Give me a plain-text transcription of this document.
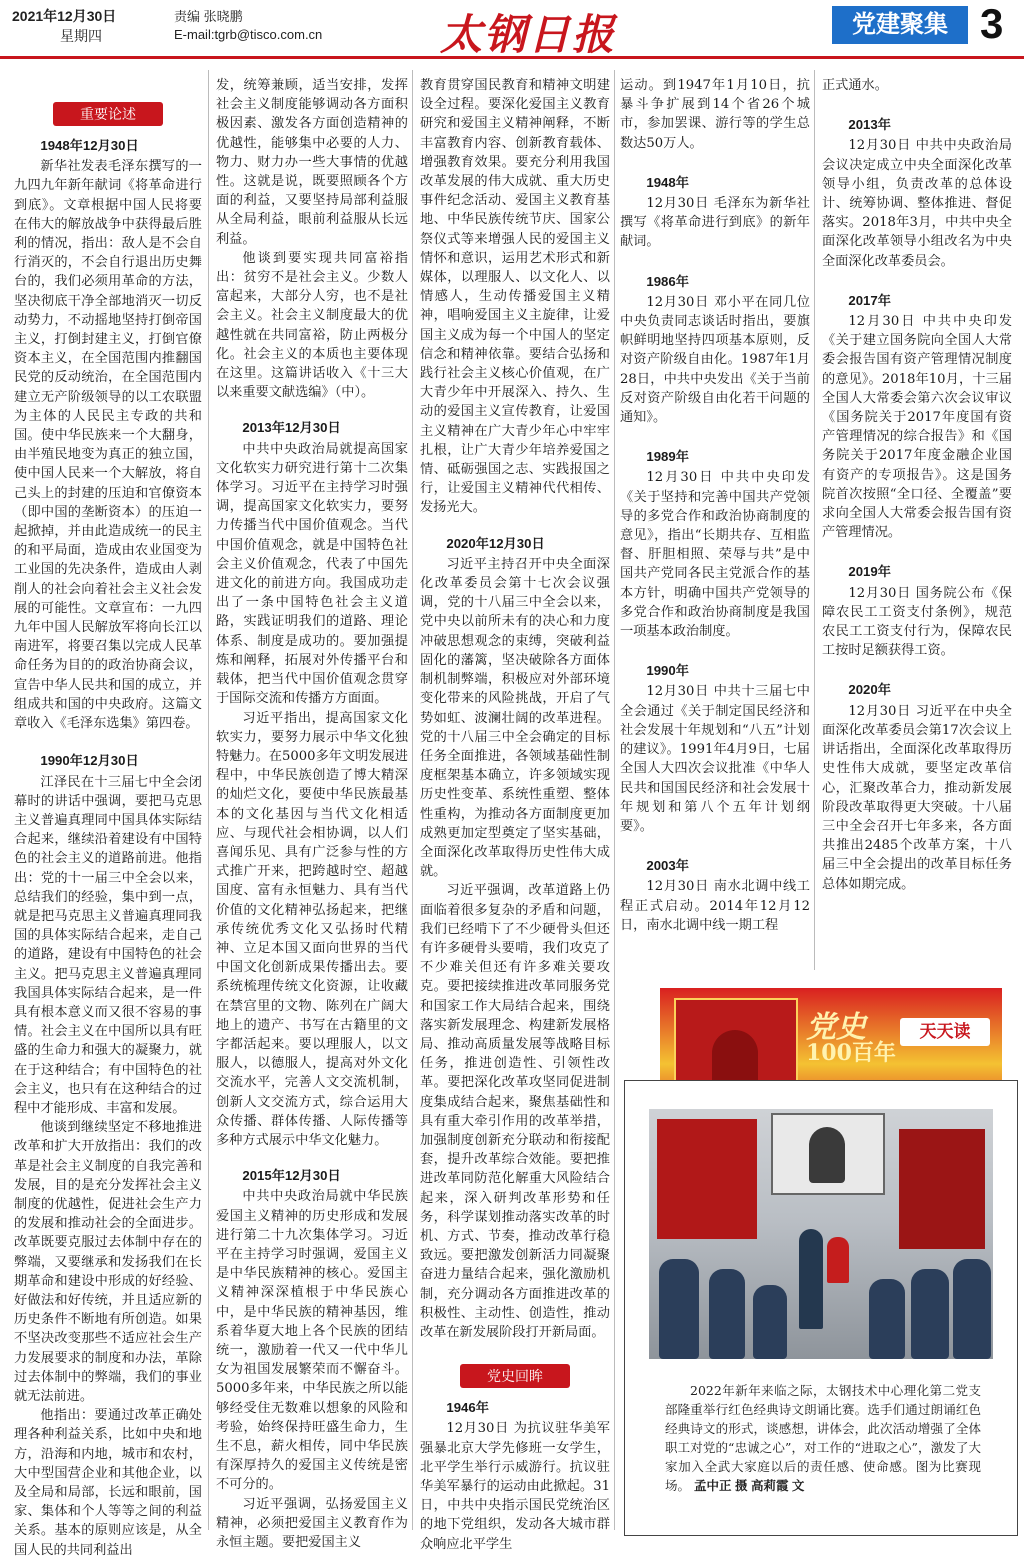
2021年12月30日
星期四
责编 张晓鹏
E-mail:tgrb@tisco.com.cn	太钢日报	党建聚集 3
重要论述
1948年12月30日

新华社发表毛泽东撰写的一九四九年新年献词《将革命进行到底》。文章根据中国人民将要在伟大的解放战争中获得最后胜利的情况，指出：敌人是不会自行消灭的，不会自行退出历史舞台的，我们必须用革命的方法，坚决彻底干净全部地消灭一切反动势力，不动摇地坚持打倒帝国主义，打倒封建主义，打倒官僚资本主义，在全国范围内推翻国民党的反动统治，在全国范围内建立无产阶级领导的以工农联盟为主体的人民民主专政的共和国。使中华民族来一个大翻身，由半殖民地变为真正的独立国，使中国人民来一个大解放，将自己头上的封建的压迫和官僚资本（即中国的垄断资本）的压迫一起掀掉，并由此造成统一的民主的和平局面，造成由农业国变为工业国的先决条件，造成由人剥削人的社会向着社会主义社会发展的可能性。文章宣布：一九四九年中国人民解放军将向长江以南进军，将要召集以完成人民革命任务为目的的政治协商会议，宣告中华人民共和国的成立，并组成共和国的中央政府。这篇文章收入《毛泽东选集》第四卷。

1990年12月30日

江泽民在十三届七中全会闭幕时的讲话中强调，要把马克思主义普遍真理同中国具体实际结合起来，继续沿着建设有中国特色的社会主义的道路前进。他指出：党的十一届三中全会以来，总结我们的经验，集中到一点，就是把马克思主义普遍真理同我国的具体实际结合起来，走自己的道路，建设有中国特色的社会主义。把马克思主义普遍真理同我国具体实际结合起来，是一件具有根本意义而又很不容易的事情。社会主义在中国所以具有旺盛的生命力和强大的凝聚力，就在于这种结合；有中国特色的社会主义，也只有在这种结合的过程中才能形成、丰富和发展。

他谈到继续坚定不移地推进改革和扩大开放指出：我们的改革是社会主义制度的自我完善和发展，目的是充分发挥社会主义制度的优越性，促进社会生产力的发展和推动社会的全面进步。改革既要克服过去体制中存在的弊端，又要继承和发扬我们在长期革命和建设中形成的好经验、好做法和好传统，并且适应新的历史条件不断地有所创造。如果不坚决改变那些不适应社会生产力发展要求的制度和办法，革除过去体制中的弊端，我们的事业就无法前进。

他指出：要通过改革正确处理各种利益关系，比如中央和地方，沿海和内地，城市和农村，大中型国营企业和其他企业，以及全局和局部，长远和眼前，国家、集体和个人等等之间的利益关系。基本的原则应该是，从全国人民的共同利益出

发，统筹兼顾，适当安排，发挥社会主义制度能够调动各方面积极因素、激发各方面创造精神的优越性，能够集中必要的人力、物力、财力办一些大事情的优越性。这就是说，既要照顾各个方面的利益，又要坚持局部利益服从全局利益，眼前利益服从长远利益。

他谈到要实现共同富裕指出：贫穷不是社会主义。少数人富起来，大部分人穷，也不是社会主义。社会主义制度最大的优越性就在共同富裕，防止两极分化。社会主义的本质也主要体现在这里。这篇讲话收入《十三大以来重要文献选编》（中）。

2013年12月30日

中共中央政治局就提高国家文化软实力研究进行第十二次集体学习。习近平在主持学习时强调，提高国家文化软实力，要努力传播当代中国价值观念。当代中国价值观念，就是中国特色社会主义价值观念，代表了中国先进文化的前进方向。我国成功走出了一条中国特色社会主义道路，实践证明我们的道路、理论体系、制度是成功的。要加强提炼和阐释，拓展对外传播平台和载体，把当代中国价值观念贯穿于国际交流和传播方方面面。

习近平指出，提高国家文化软实力，要努力展示中华文化独特魅力。在5000多年文明发展进程中，中华民族创造了博大精深的灿烂文化，要使中华民族最基本的文化基因与当代文化相适应、与现代社会相协调，以人们喜闻乐见、具有广泛参与性的方式推广开来，把跨越时空、超越国度、富有永恒魅力、具有当代价值的文化精神弘扬起来，把继承传统优秀文化又弘扬时代精神、立足本国又面向世界的当代中国文化创新成果传播出去。要系统梳理传统文化资源，让收藏在禁宫里的文物、陈列在广阔大地上的遗产、书写在古籍里的文字都活起来。要以理服人，以文服人，以德服人，提高对外文化交流水平，完善人文交流机制，创新人文交流方式，综合运用大众传播、群体传播、人际传播等多种方式展示中华文化魅力。

2015年12月30日

中共中央政治局就中华民族爱国主义精神的历史形成和发展进行第二十九次集体学习。习近平在主持学习时强调，爱国主义是中华民族精神的核心。爱国主义精神深深植根于中华民族心中，是中华民族的精神基因，维系着华夏大地上各个民族的团结统一，激励着一代又一代中华儿女为祖国发展繁荣而不懈奋斗。5000多年来，中华民族之所以能够经受住无数难以想象的风险和考验，始终保持旺盛生命力，生生不息，薪火相传，同中华民族有深厚持久的爱国主义传统是密不可分的。

习近平强调，弘扬爱国主义精神，必须把爱国主义教育作为永恒主题。要把爱国主义

教育贯穿国民教育和精神文明建设全过程。要深化爱国主义教育研究和爱国主义精神阐释，不断丰富教育内容、创新教育载体、增强教育效果。要充分利用我国改革发展的伟大成就、重大历史事件纪念活动、爱国主义教育基地、中华民族传统节庆、国家公祭仪式等来增强人民的爱国主义情怀和意识，运用艺术形式和新媒体，以理服人、以文化人、以情感人，生动传播爱国主义精神，唱响爱国主义主旋律，让爱国主义成为每一个中国人的坚定信念和精神依靠。要结合弘扬和践行社会主义核心价值观，在广大青少年中开展深入、持久、生动的爱国主义宣传教育，让爱国主义精神在广大青少年心中牢牢扎根，让广大青少年培养爱国之情、砥砺强国之志、实践报国之行，让爱国主义精神代代相传、发扬光大。

2020年12月30日

习近平主持召开中央全面深化改革委员会第十七次会议强调，党的十八届三中全会以来，党中央以前所未有的决心和力度冲破思想观念的束缚，突破利益固化的藩篱，坚决破除各方面体制机制弊端，积极应对外部环境变化带来的风险挑战，开启了气势如虹、波澜壮阔的改革进程。党的十八届三中全会确定的目标任务全面推进，各领域基础性制度框架基本确立，许多领域实现历史性变革、系统性重塑、整体性重构，为推动各方面制度更加成熟更加定型奠定了坚实基础，全面深化改革取得历史性伟大成就。

习近平强调，改革道路上仍面临着很多复杂的矛盾和问题，我们已经啃下了不少硬骨头但还有许多硬骨头要啃，我们攻克了不少难关但还有许多难关要攻克。要把接续推进改革同服务党和国家工作大局结合起来，围绕落实新发展理念、构建新发展格局、推动高质量发展等战略目标任务，推进创造性、引领性改革。要把深化改革攻坚同促进制度集成结合起来，聚焦基础性和具有重大牵引作用的改革举措，加强制度创新充分联动和衔接配套，提升改革综合效能。要把推进改革同防范化解重大风险结合起来，深入研判改革形势和任务，科学谋划推动落实改革的时机、方式、节奏，推动改革行稳致远。要把激发创新活力同凝聚奋进力量结合起来，强化激励机制，充分调动各方面推进改革的积极性、主动性、创造性，推动改革在新发展阶段打开新局面。

党史回眸
1946年

12月30日 为抗议驻华美军强暴北京大学先修班一女学生，北平学生举行示威游行。抗议驻华美军暴行的运动由此掀起。31日，中共中央指示国民党统治区的地下党组织，发动各大城市群众响应北平学生

运动。到1947年1月10日，抗暴斗争扩展到14个省26个城市，参加罢课、游行等的学生总数达50万人。

1948年

12月30日 毛泽东为新华社撰写《将革命进行到底》的新年献词。

1986年

12月30日 邓小平在同几位中央负责同志谈话时指出，要旗帜鲜明地坚持四项基本原则，反对资产阶级自由化。1987年1月28日，中共中央发出《关于当前反对资产阶级自由化若干问题的通知》。

1989年

12月30日 中共中央印发《关于坚持和完善中国共产党领导的多党合作和政治协商制度的意见》，指出“长期共存、互相监督、肝胆相照、荣辱与共”是中国共产党同各民主党派合作的基本方针，明确中国共产党领导的多党合作和政治协商制度是我国一项基本政治制度。

1990年

12月30日 中共十三届七中全会通过《关于制定国民经济和社会发展十年规划和“八五”计划的建议》。1991年4月9日，七届全国人大四次会议批准《中华人民共和国国民经济和社会发展十年规划和第八个五年计划纲要》。

2003年

12月30日 南水北调中线工程正式启动。2014年12月12日，南水北调中线一期工程

正式通水。

2013年

12月30日 中共中央政治局会议决定成立中央全面深化改革领导小组，负责改革的总体设计、统筹协调、整体推进、督促落实。2018年3月，中共中央全面深化改革领导小组改名为中央全面深化改革委员会。

2017年

12月30日 中共中央印发《关于建立国务院向全国人大常委会报告国有资产管理情况制度的意见》。2018年10月，十三届全国人大常委会第六次会议审议《国务院关于2017年度国有资产管理情况的综合报告》和《国务院关于2017年度金融企业国有资产的专项报告》。这是国务院首次按照“全口径、全覆盖”要求向全国人大常委会报告国有资产管理情况。

2019年

12月30日 国务院公布《保障农民工工资支付条例》，规范农民工工资支付行为，保障农民工按时足额获得工资。

2020年

12月30日 习近平在中央全面深化改革委员会第17次会议上讲话指出，全面深化改革取得历史性伟大成就，要坚定改革信心，汇聚改革合力，推动新发展阶段改革取得更大突破。十八届三中全会召开七年多来，各方面共推出2485个改革方案，十八届三中全会提出的改革目标任务总体如期完成。

党史
100百年
天天读
2022年新年来临之际，太钢技术中心理化第二党支部隆重举行红色经典诗文朗诵比赛。选手们通过朗诵红色经典诗文的形式，谈感想，讲体会，此次活动增强了全体职工对党的“忠诚之心”，对工作的“进取之心”，激发了大家加入全武大家庭以后的责任感、使命感。图为比赛现场。 孟中正 摄 高莉霞 文
